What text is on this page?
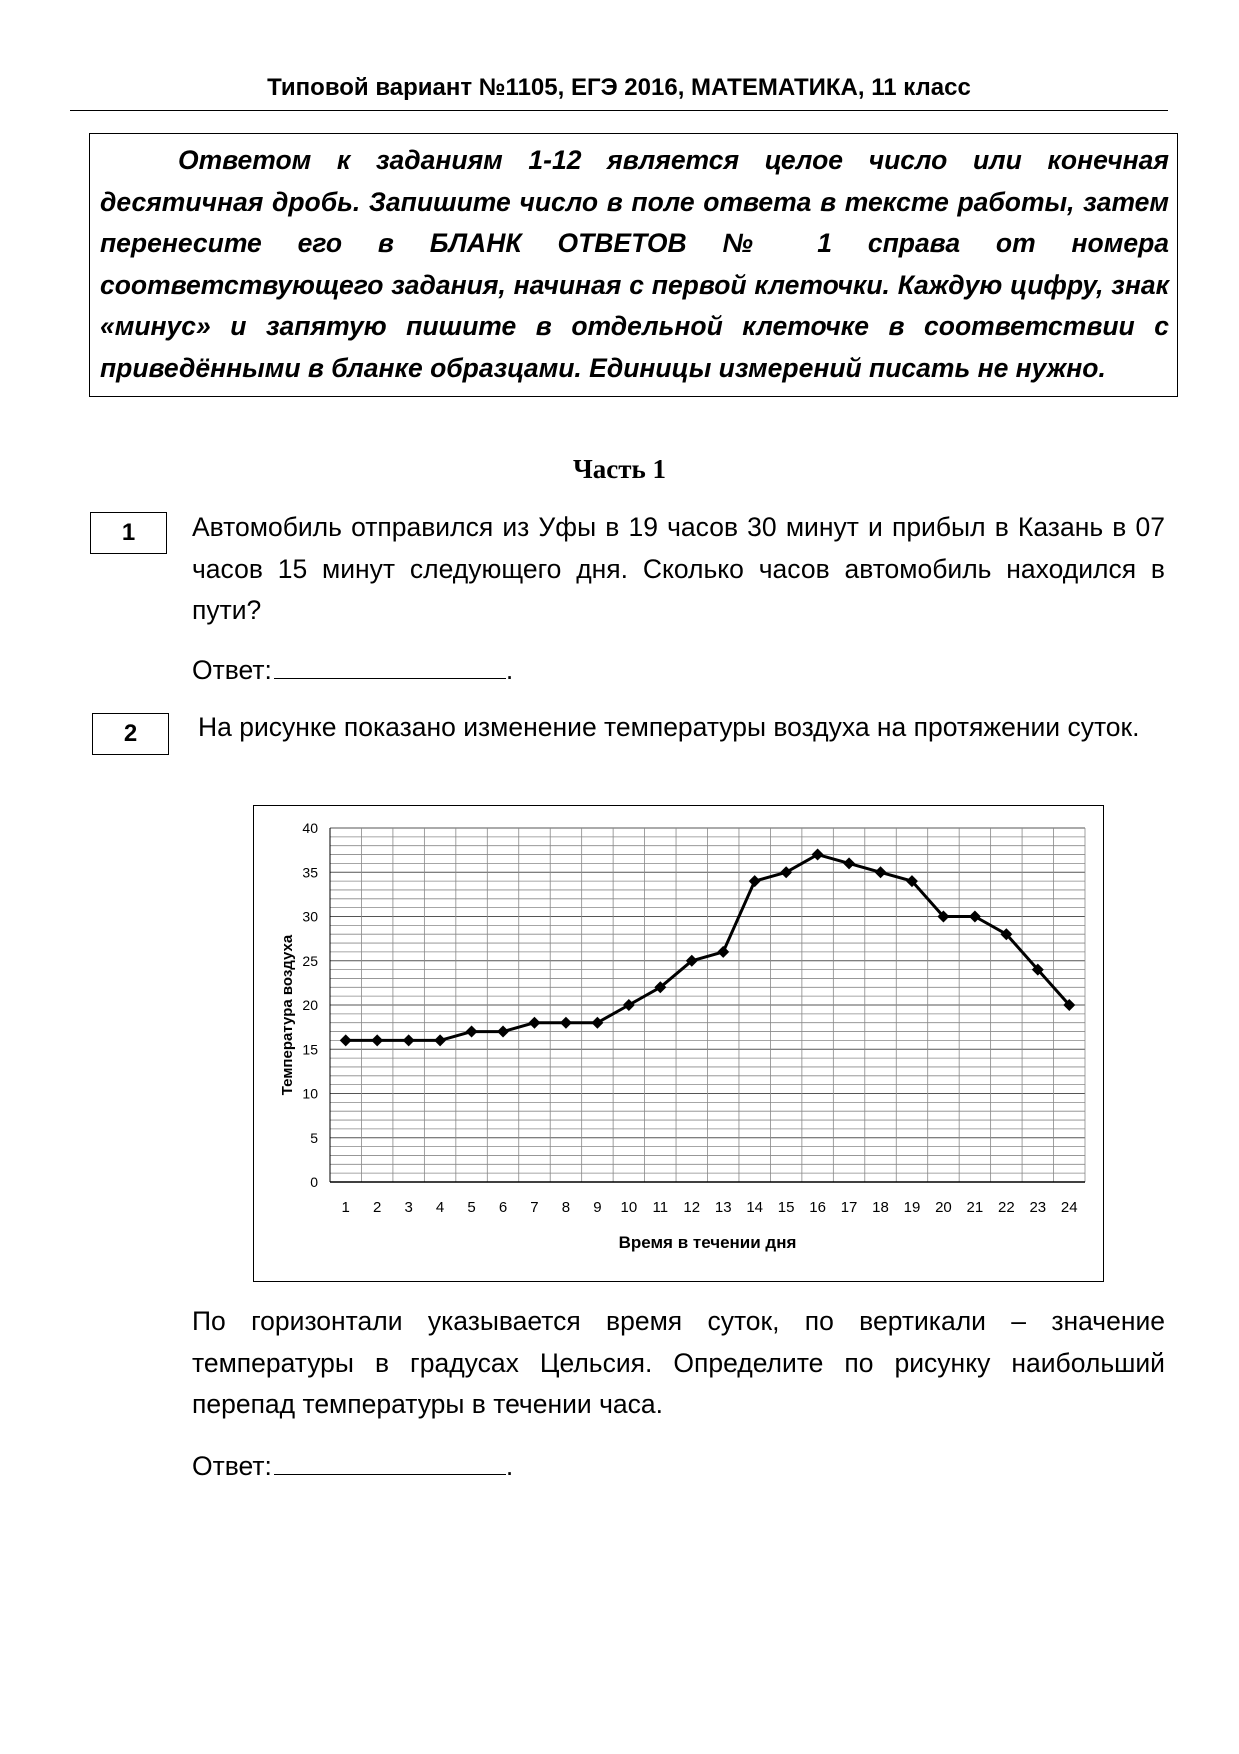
Типовой вариант №1105, ЕГЭ 2016, МАТЕМАТИКА, 11 класс

Ответом к заданиям 1-12 является целое число или конечная десятичная дробь. Запишите число в поле ответа в тексте работы, затем перенесите его в БЛАНК ОТВЕТОВ № 1 справа от номера соответствующего задания, начиная с первой клеточки. Каждую цифру, знак «минус» и запятую пишите в отдельной клеточке в соответствии с приведёнными в бланке образцами. Единицы измерений писать не нужно.

Часть 1
1	Автомобиль отправился из Уфы в 19 часов 30 минут и прибыл в Казань в 07 часов 15 минут следующего дня. Сколько часов автомобиль находился в пути?

Ответ:	.
2	На рисунке показано изменение температуры воздуха на протяжении суток.

0
5
10
15
20
25
30
35
40
1 2 3 4 5 6 7 8 9 10 11 12 13 14 15 16 17 18 19 20 21 22 23 24
Время в течении дня
Температура воздуха

По горизонтали указывается время суток, по вертикали – значение температуры в градусах Цельсия. Определите по рисунку наибольший перепад температуры в течении часа.

Ответ:	.
